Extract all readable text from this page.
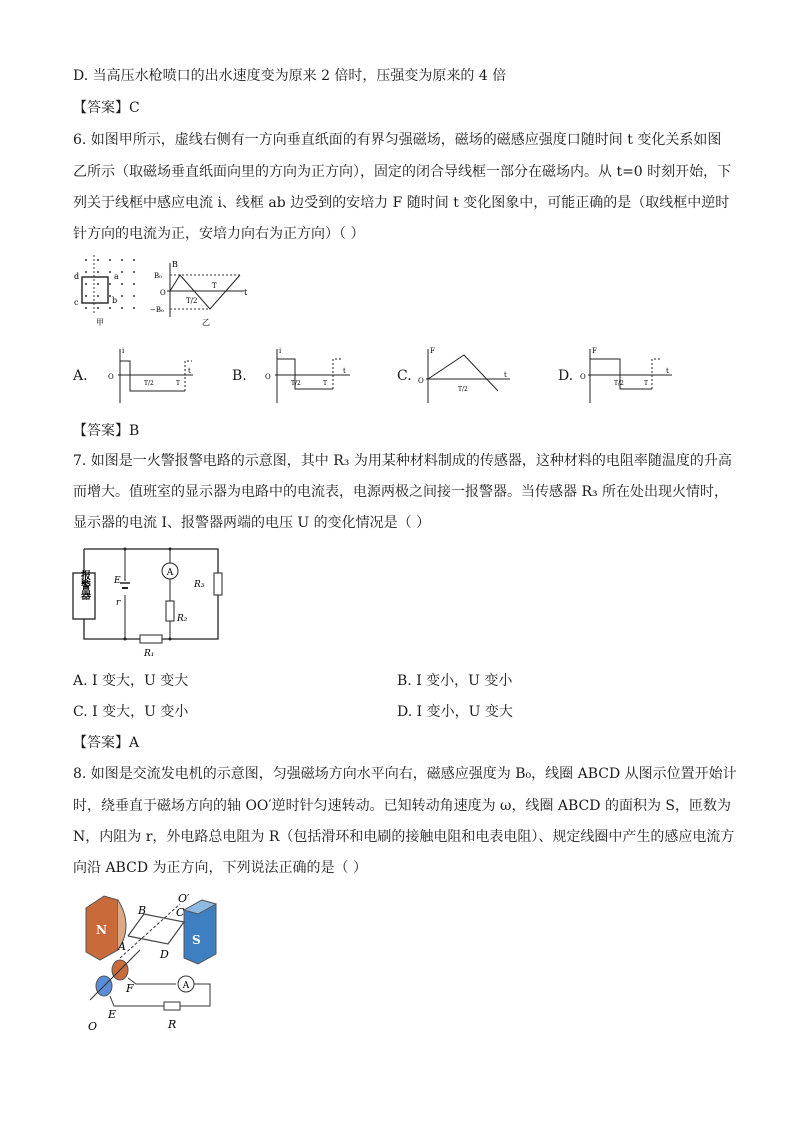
D. 当高压水枪喷口的出水速度变为原来 2 倍时，压强变为原来的 4 倍
【答案】C
6. 如图甲所示，虚线右侧有一方向垂直纸面的有界匀强磁场，磁场的磁感应强度口随时间 t 变化关系如图
乙所示（取磁场垂直纸面向里的方向为正方向），固定的闭合导线框一部分在磁场内。从 t=0 时刻开始，下
列关于线框中感应电流 i、线框 ab 边受到的安培力 F 随时间 t 变化图象中，可能正确的是（取线框中逆时
针方向的电流为正，安培力向右为正方向）（ ）
d	a
c	b
甲
B
B₀
−B₀
O
T/2
T
t
乙
A.
i
O
T/2	T
t	B.
i
O
T/2	T
t	C.
F
O
T/2
t	D.
F
O
T/2	T
t
【答案】B
7. 如图是一火警报警电路的示意图，其中 R₃ 为用某种材料制成的传感器，这种材料的电阻率随温度的升高
而增大。值班室的显示器为电路中的电流表，电源两极之间接一报警器。当传感器 R₃ 所在处出现火情时，
显示器的电流 I、报警器两端的电压 U 的变化情况是（ ）
报警器	E
r
A
R₂
R₃
R₁
A. I 变大，U 变大	B. I 变小，U 变小
C. I 变大，U 变小	D. I 变小，U 变大
【答案】A
8. 如图是交流发电机的示意图，匀强磁场方向水平向右，磁感应强度为 B₀，线圈 ABCD 从图示位置开始计
时，绕垂直于磁场方向的轴 OO′逆时针匀速转动。已知转动角速度为 ω，线圈 ABCD 的面积为 S，匝数为
N，内阻为 r，外电路总电阻为 R（包括滑环和电刷的接触电阻和电表电阻）、规定线圈中产生的感应电流方
向沿 ABCD 为正方向，下列说法正确的是（ ）
N
S
B	C
A
D
O′
A
F
E
O	R
